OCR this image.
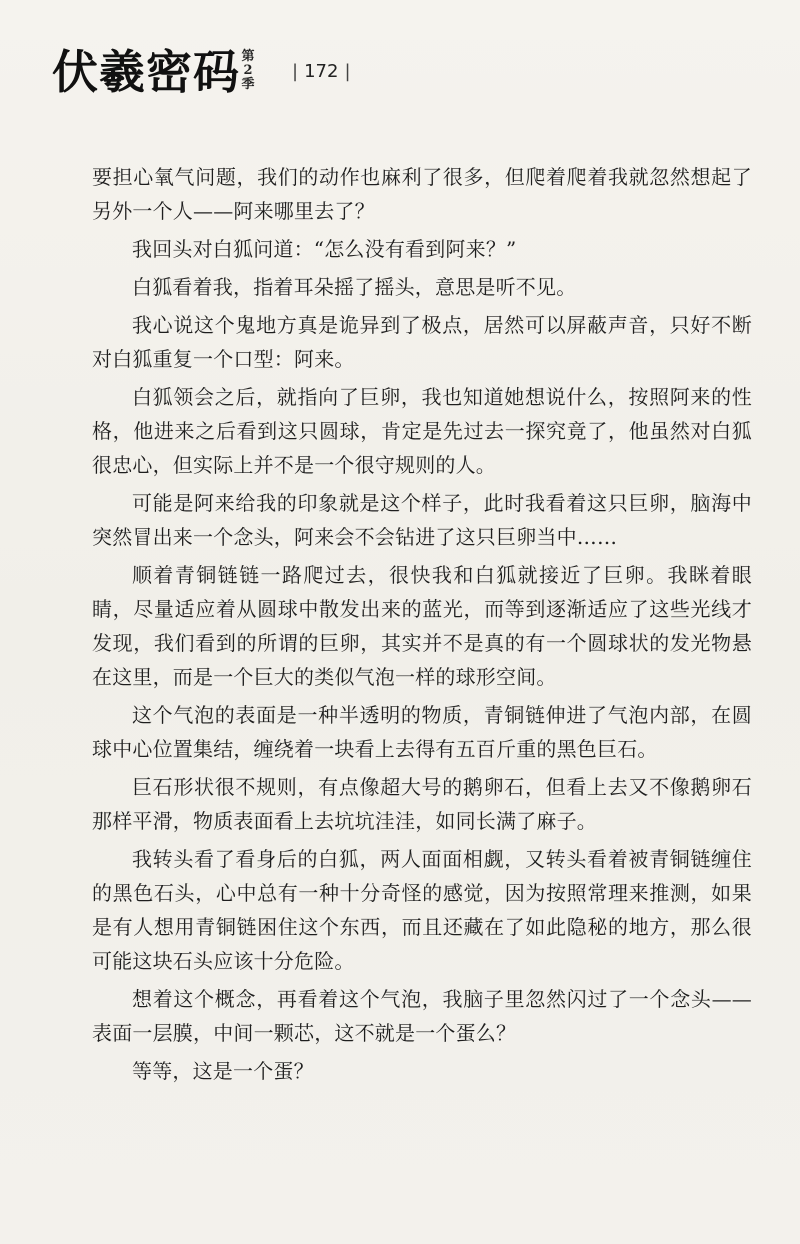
伏羲密码 第
2
季
| 172 |

要担心氧气问题，我们的动作也麻利了很多，但爬着爬着我就忽然想起了另外一个人——阿来哪里去了？

我回头对白狐问道：“怎么没有看到阿来？”

白狐看着我，指着耳朵摇了摇头，意思是听不见。

我心说这个鬼地方真是诡异到了极点，居然可以屏蔽声音，只好不断对白狐重复一个口型：阿来。

白狐领会之后，就指向了巨卵，我也知道她想说什么，按照阿来的性格，他进来之后看到这只圆球，肯定是先过去一探究竟了，他虽然对白狐很忠心，但实际上并不是一个很守规则的人。

可能是阿来给我的印象就是这个样子，此时我看着这只巨卵，脑海中突然冒出来一个念头，阿来会不会钻进了这只巨卵当中……

顺着青铜链链一路爬过去，很快我和白狐就接近了巨卵。我眯着眼睛，尽量适应着从圆球中散发出来的蓝光，而等到逐渐适应了这些光线才发现，我们看到的所谓的巨卵，其实并不是真的有一个圆球状的发光物悬在这里，而是一个巨大的类似气泡一样的球形空间。

这个气泡的表面是一种半透明的物质，青铜链伸进了气泡内部，在圆球中心位置集结，缠绕着一块看上去得有五百斤重的黑色巨石。

巨石形状很不规则，有点像超大号的鹅卵石，但看上去又不像鹅卵石那样平滑，物质表面看上去坑坑洼洼，如同长满了麻子。

我转头看了看身后的白狐，两人面面相觑，又转头看着被青铜链缠住的黑色石头，心中总有一种十分奇怪的感觉，因为按照常理来推测，如果是有人想用青铜链困住这个东西，而且还藏在了如此隐秘的地方，那么很可能这块石头应该十分危险。

想着这个概念，再看着这个气泡，我脑子里忽然闪过了一个念头——表面一层膜，中间一颗芯，这不就是一个蛋么？

等等，这是一个蛋？
